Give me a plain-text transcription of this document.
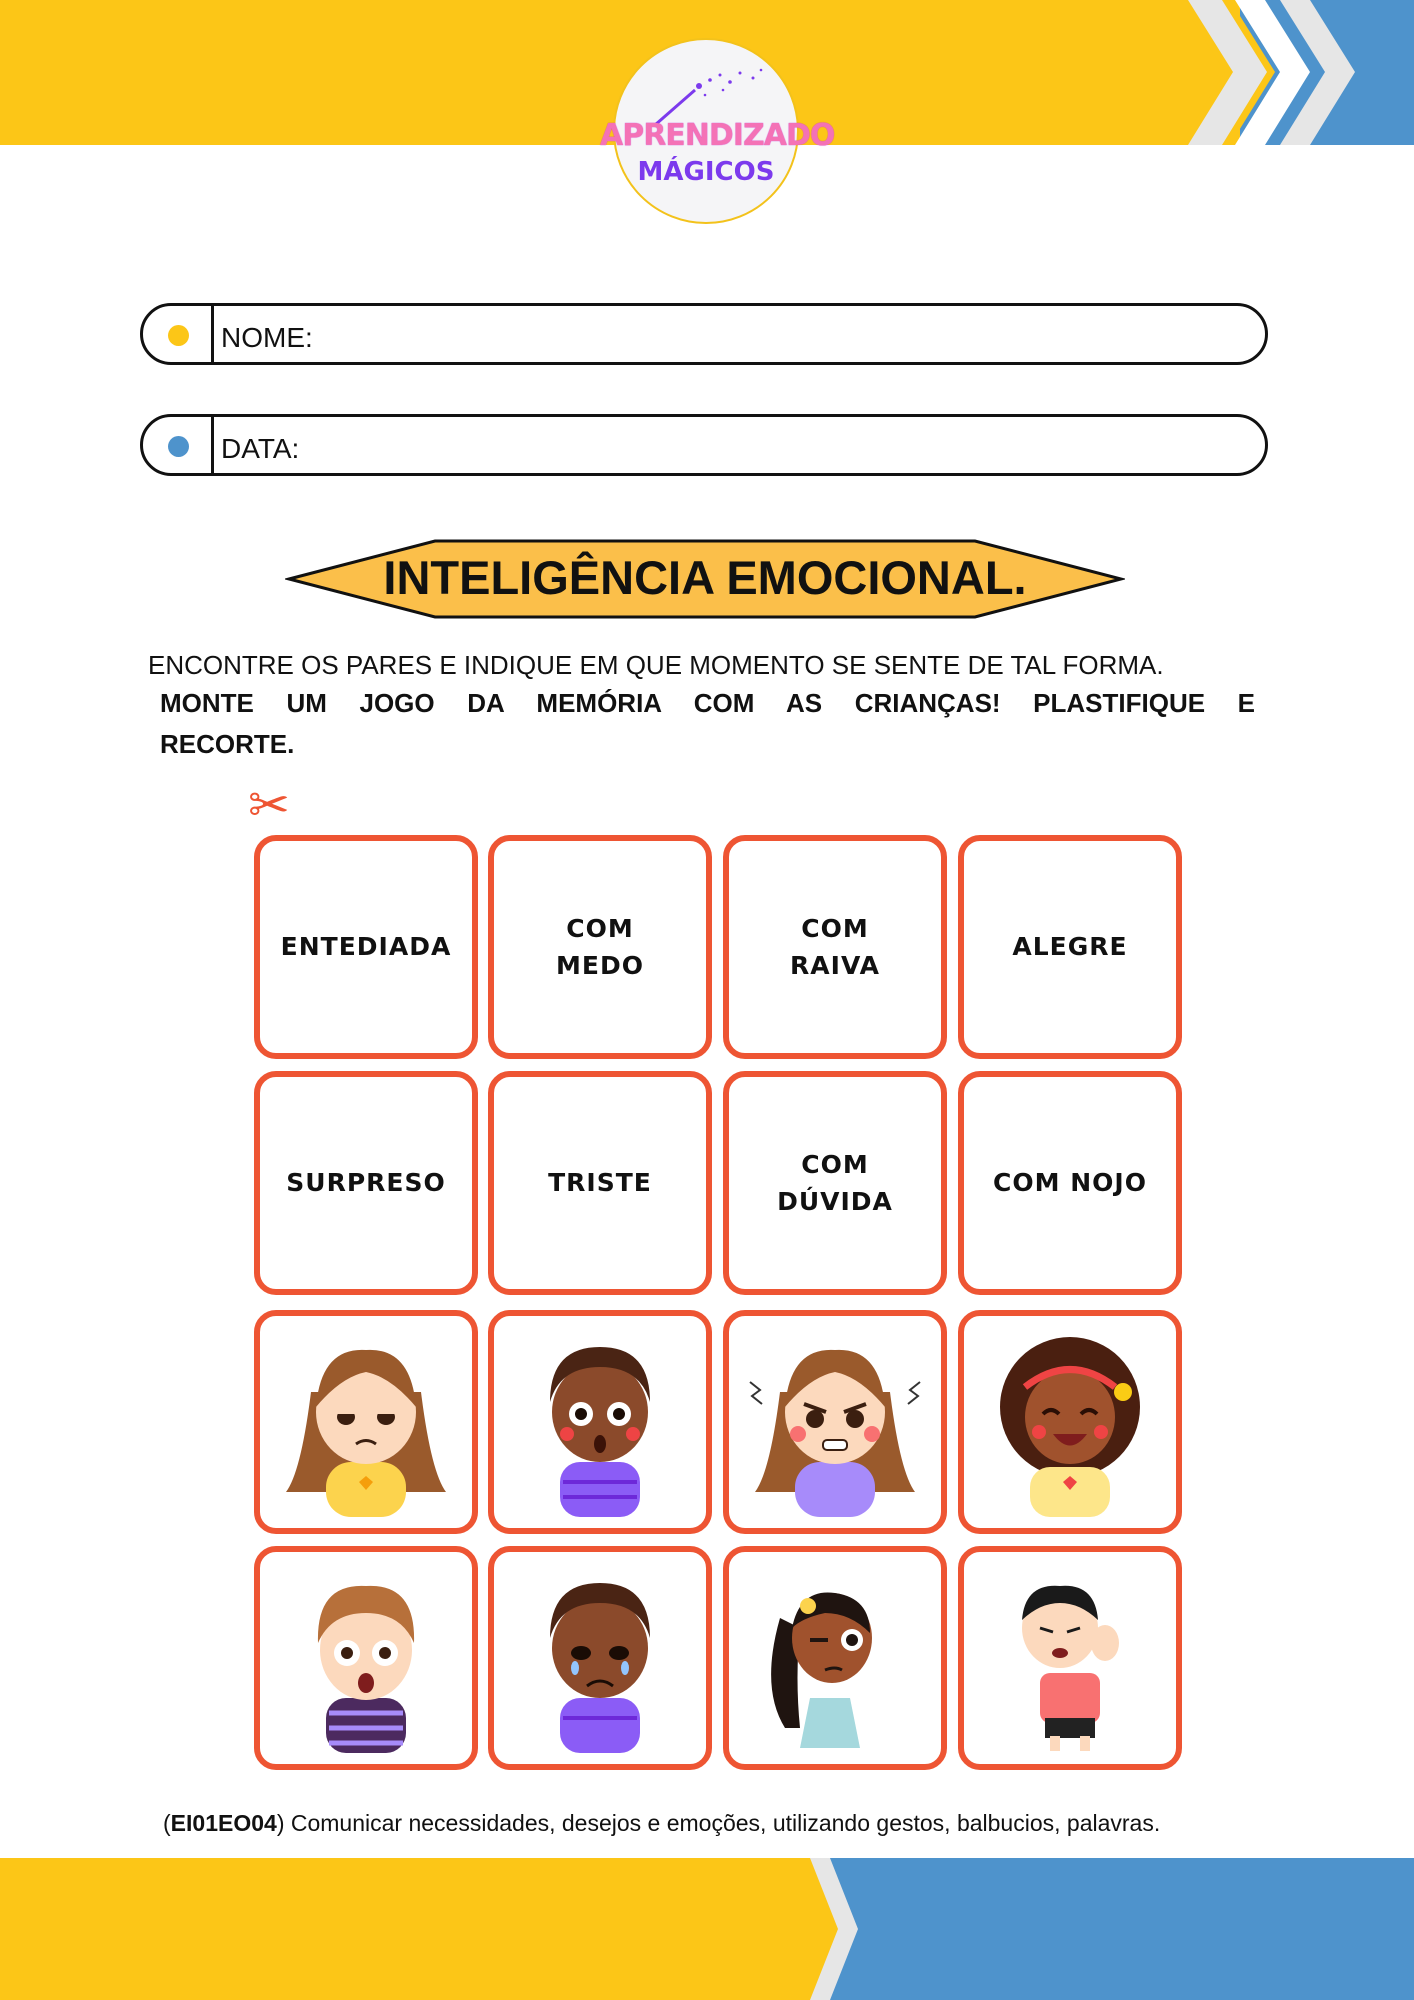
APRENDIZADO
MÁGICOS
NOME:
DATA:
INTELIGÊNCIA EMOCIONAL.
ENCONTRE OS PARES E INDIQUE EM QUE MOMENTO SE SENTE DE TAL FORMA.
MONTE UM JOGO DA MEMÓRIA COM AS CRIANÇAS! PLASTIFIQUE E
RECORTE.
✂
ENTEDIADA
COM
MEDO
COM
RAIVA
ALEGRE
SURPRESO	TRISTE
COM
DÚVIDA
COM NOJO
(EI01EO04) Comunicar necessidades, desejos e emoções, utilizando gestos, balbucios, palavras.
